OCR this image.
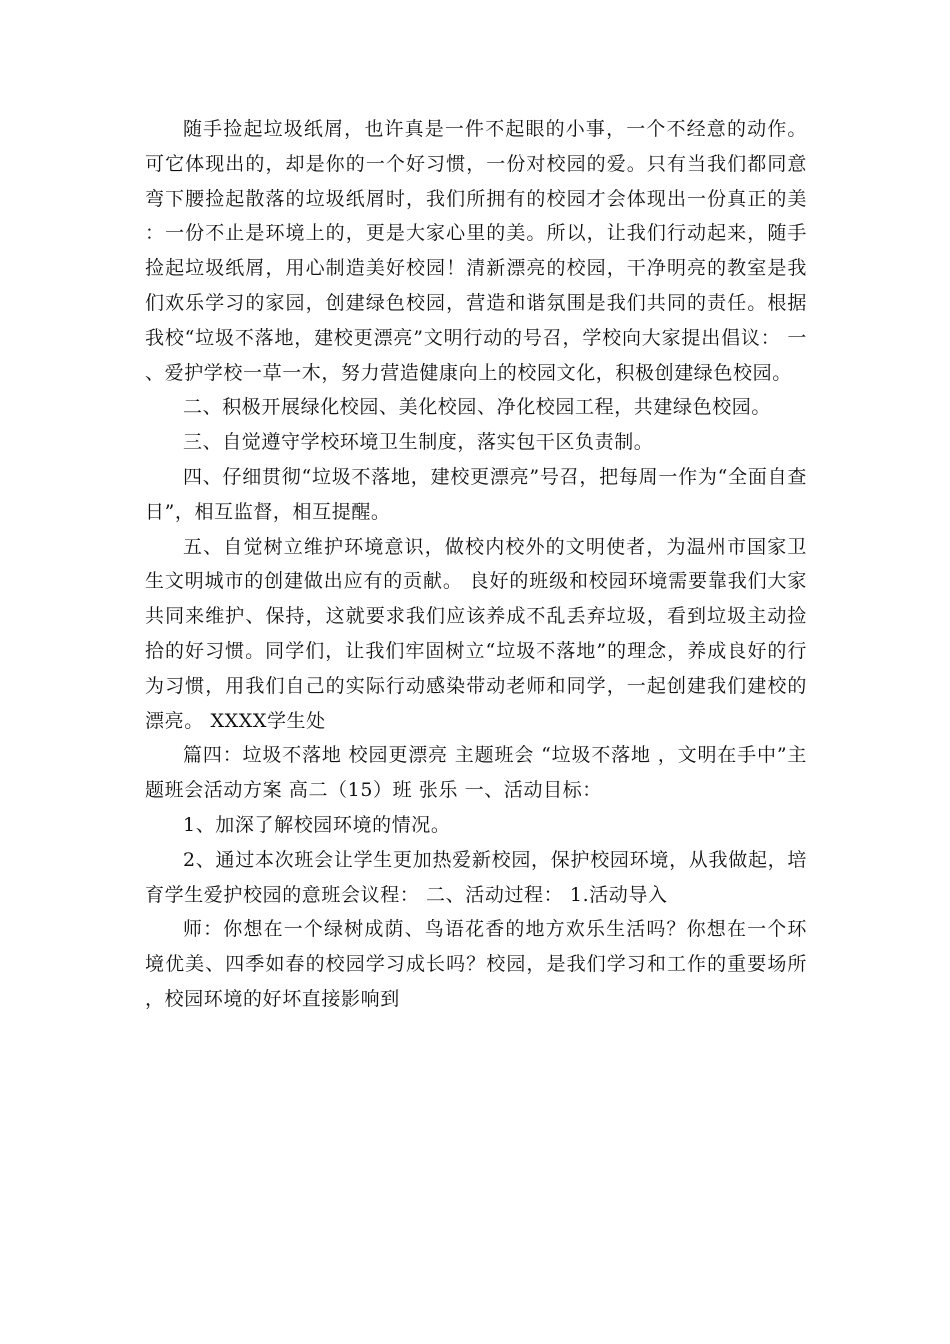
随手捡起垃圾纸屑，也许真是一件不起眼的小事，一个不经意的动作。可它体现出的，却是你的一个好习惯，一份对校园的爱。只有当我们都同意弯下腰捡起散落的垃圾纸屑时，我们所拥有的校园才会体现出一份真正的美：一份不止是环境上的，更是大家心里的美。所以，让我们行动起来，随手捡起垃圾纸屑，用心制造美好校园！清新漂亮的校园，干净明亮的教室是我们欢乐学习的家园，创建绿色校园，营造和谐氛围是我们共同的责任。根据我校“垃圾不落地，建校更漂亮”文明行动的号召，学校向大家提出倡议： 一、爱护学校一草一木，努力营造健康向上的校园文化，积极创建绿色校园。

二、积极开展绿化校园、美化校园、净化校园工程，共建绿色校园。

三、自觉遵守学校环境卫生制度，落实包干区负责制。

四、仔细贯彻“垃圾不落地，建校更漂亮”号召，把每周一作为“全面自查日”，相互监督，相互提醒。

五、自觉树立维护环境意识，做校内校外的文明使者，为温州市国家卫生文明城市的创建做出应有的贡献。 良好的班级和校园环境需要靠我们大家共同来维护、保持，这就要求我们应该养成不乱丢弃垃圾，看到垃圾主动捡拾的好习惯。同学们，让我们牢固树立“垃圾不落地”的理念，养成良好的行为习惯，用我们自己的实际行动感染带动老师和同学，一起创建我们建校的漂亮。 XXXX学生处

篇四：垃圾不落地 校园更漂亮 主题班会 “垃圾不落地 ，文明在手中”主题班会活动方案 高二（15）班 张乐 一、活动目标：

1、加深了解校园环境的情况。

2、通过本次班会让学生更加热爱新校园，保护校园环境，从我做起，培育学生爱护校园的意班会议程： 二、活动过程： 1.活动导入

师：你想在一个绿树成荫、鸟语花香的地方欢乐生活吗？你想在一个环境优美、四季如春的校园学习成长吗？校园，是我们学习和工作的重要场所，校园环境的好坏直接影响到
